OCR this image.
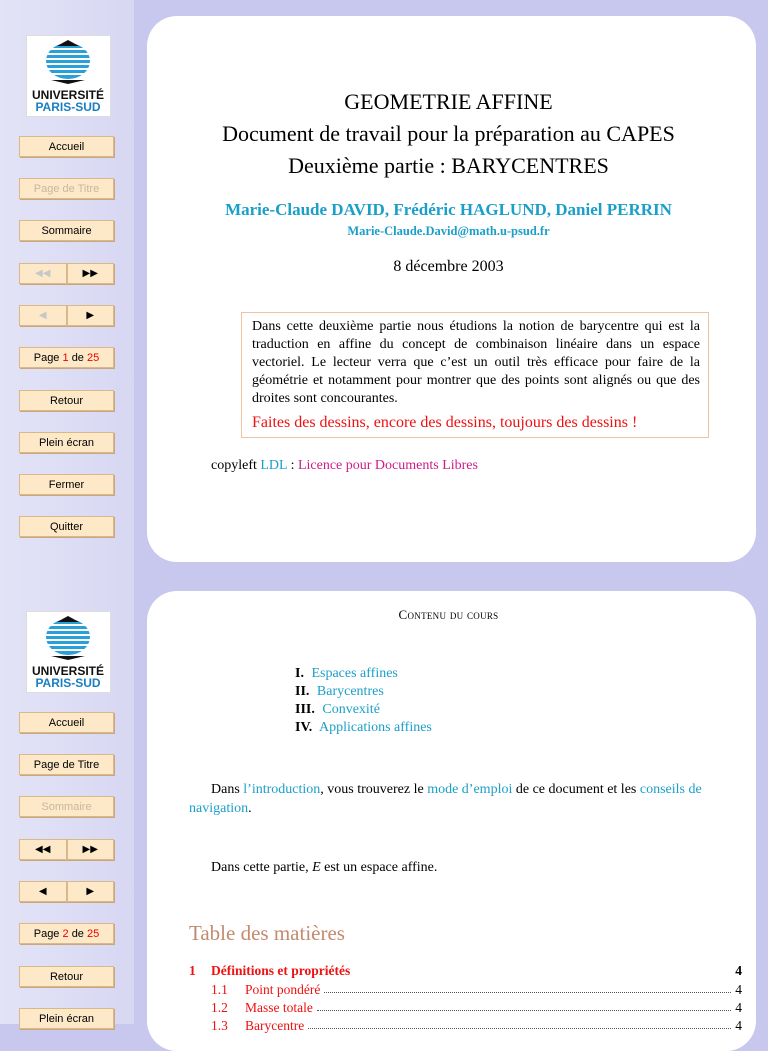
UNIVERSITÉ
PARIS-SUD
Accueil
Page de Titre
Sommaire
◀◀	▶▶
◀	▶
Page 1 de 25
Retour
Plein écran
Fermer
Quitter
UNIVERSITÉ
PARIS-SUD
Accueil
Page de Titre
Sommaire
◀◀	▶▶
◀	▶
Page 2 de 25
Retour
Plein écran
GEOMETRIE AFFINE
Document de travail pour la préparation au CAPES
Deuxième partie : BARYCENTRES
Marie-Claude DAVID, Frédéric HAGLUND, Daniel PERRIN
Marie-Claude.David@math.u-psud.fr
8 décembre 2003
Dans cette deuxième partie nous étudions la notion de barycentre qui est la traduction en affine du concept de combinaison linéaire dans un espace vectoriel. Le lecteur verra que c’est un outil très efficace pour faire de la géométrie et notamment pour montrer que des points sont alignés ou que des droites sont concourantes.
Faites des dessins, encore des dessins, toujours des dessins !
copyleft LDL : Licence pour Documents Libres
Contenu du cours
I. Espaces affines
II. Barycentres
III. Convexité
IV. Applications affines
Dans l’introduction, vous trouverez le mode d’emploi de ce document et les conseils de navigation.
Dans cette partie, E est un espace affine.
Table des matières
1	Définitions et propriétés	4
1.1	Point pondéré	4
1.2	Masse totale	4
1.3	Barycentre	4
